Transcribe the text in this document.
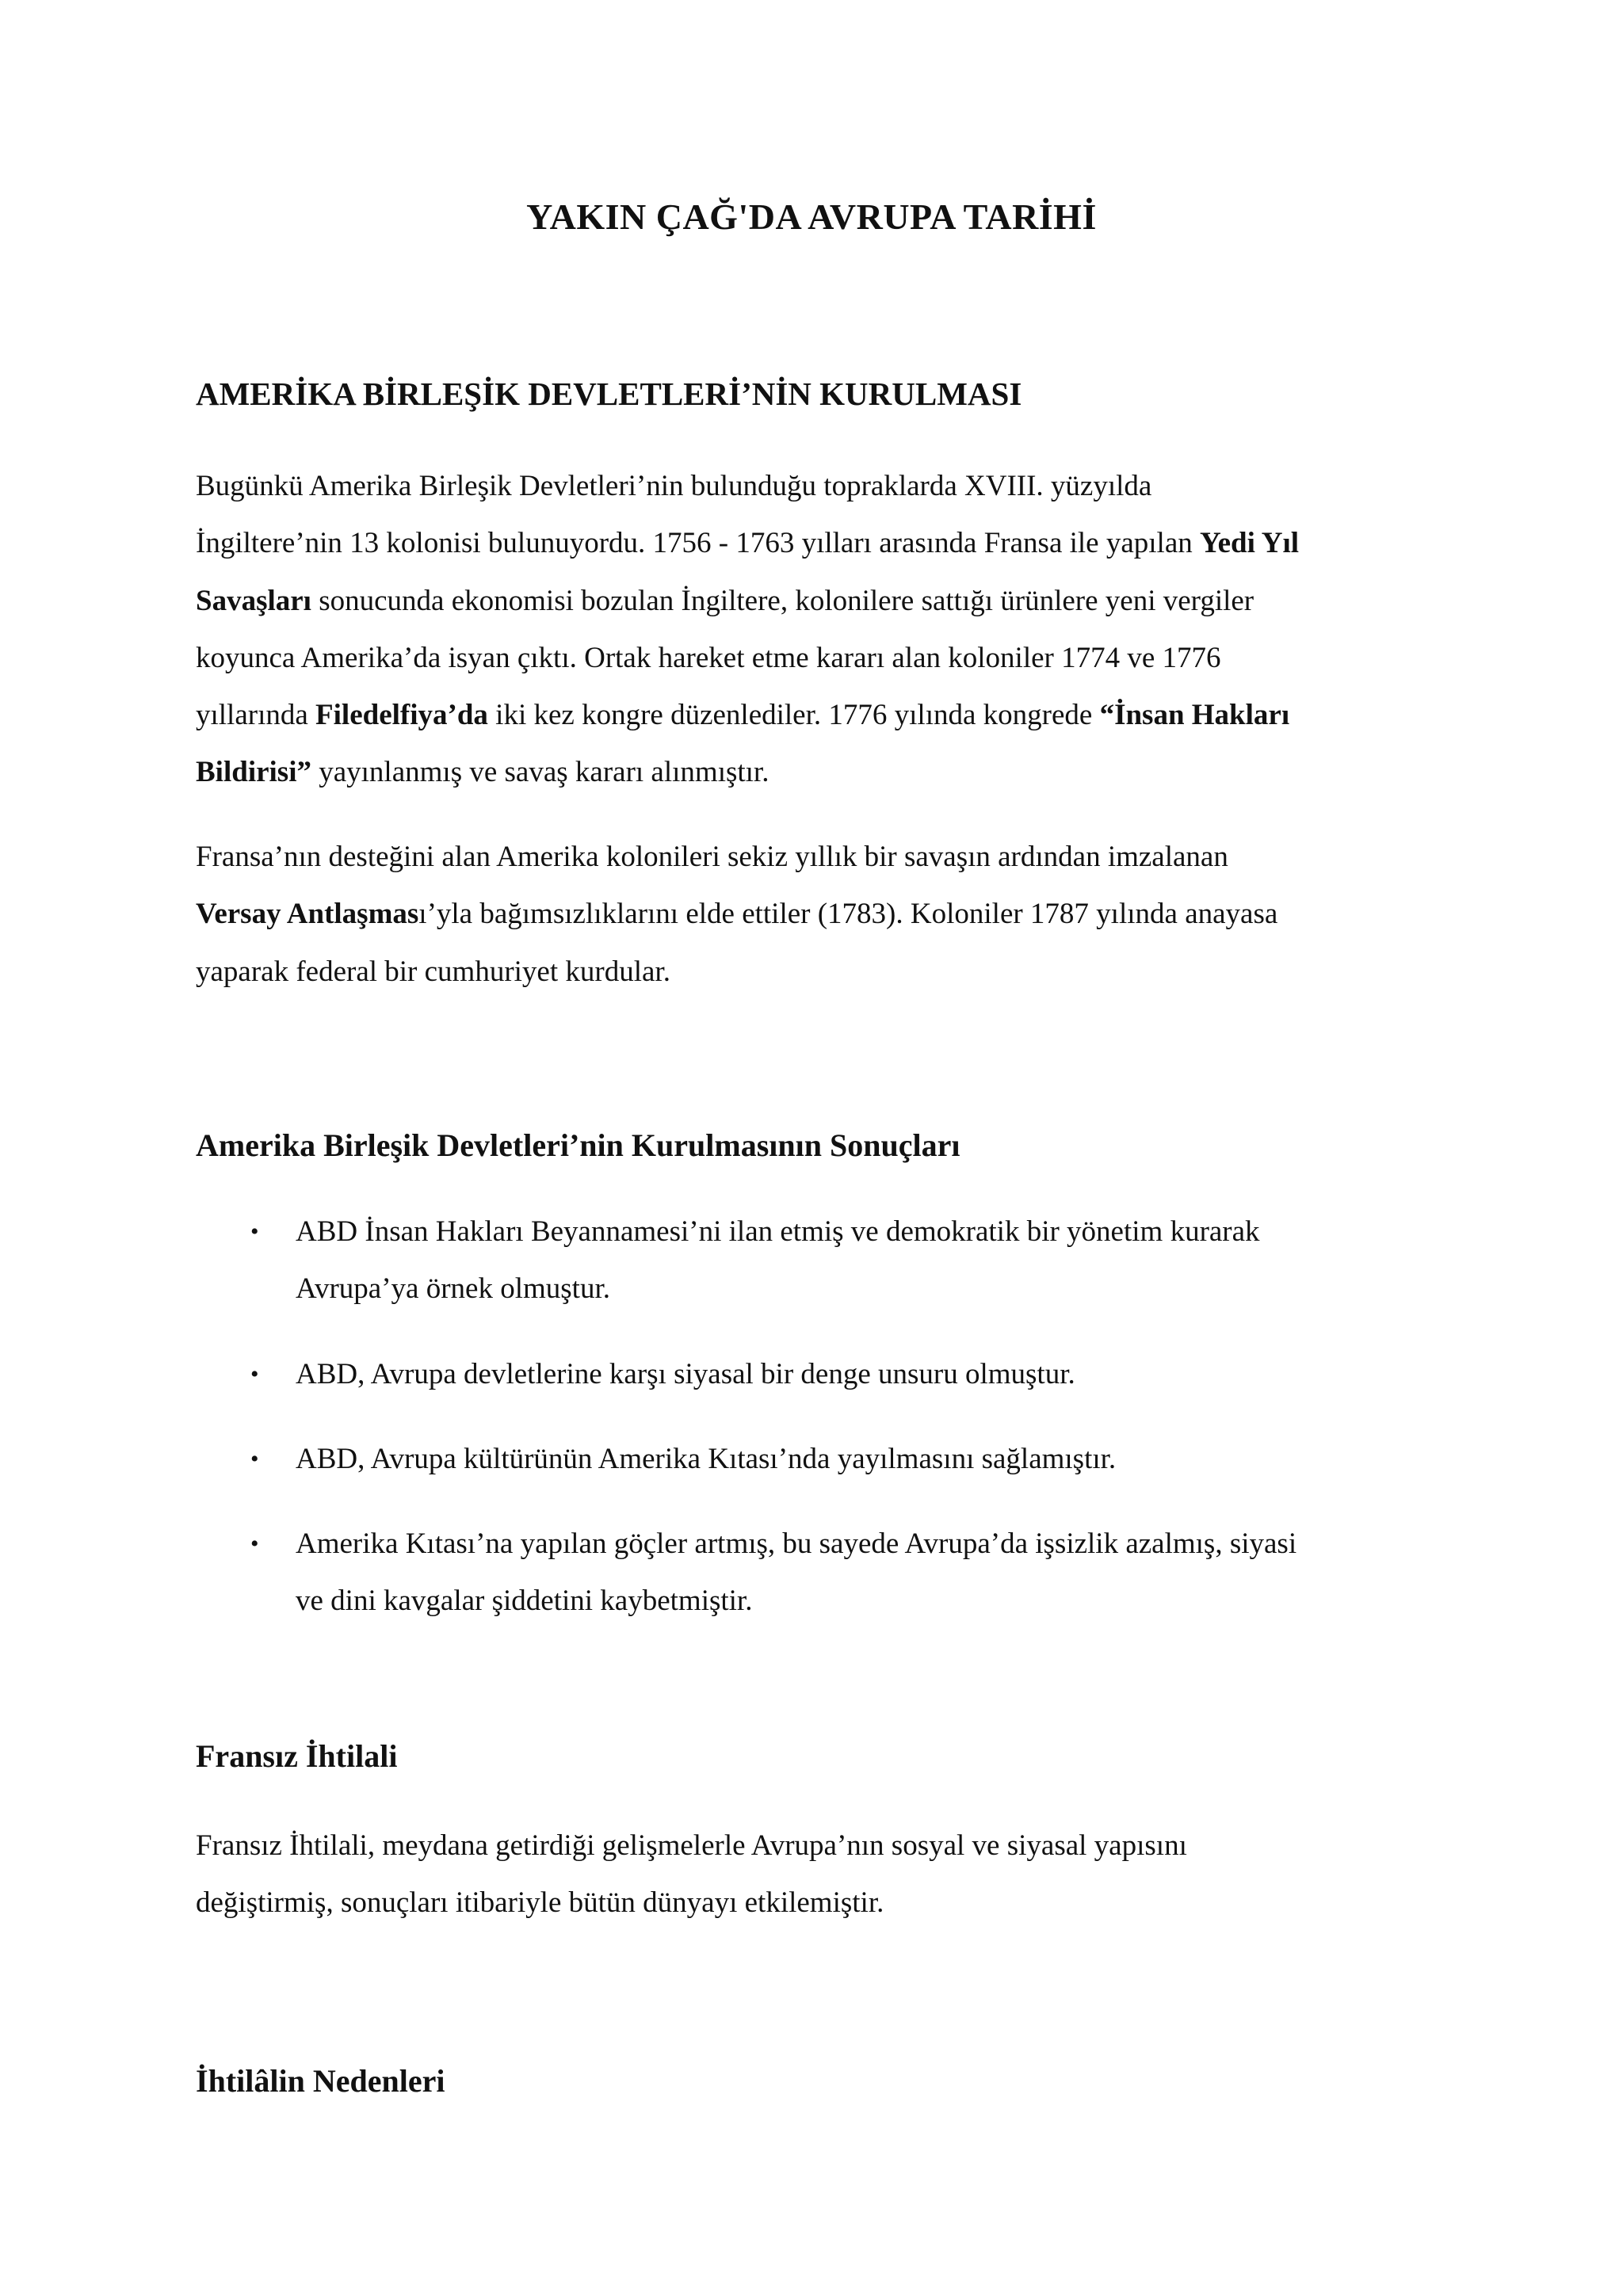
YAKIN ÇAĞ'DA AVRUPA TARİHİ
AMERİKA BİRLEŞİK DEVLETLERİ’NİN KURULMASI

Bugünkü Amerika Birleşik Devletleri’nin bulunduğu topraklarda XVIII. yüzyılda

İngiltere’nin 13 kolonisi bulunuyordu. 1756 - 1763 yılları arasında Fransa ile yapılan Yedi Yıl

Savaşları sonucunda ekonomisi bozulan İngiltere, kolonilere sattığı ürünlere yeni vergiler

koyunca Amerika’da isyan çıktı. Ortak hareket etme kararı alan koloniler 1774 ve 1776

yıllarında Filedelfiya’da iki kez kongre düzenlediler. 1776 yılında kongrede “İnsan Hakları

Bildirisi” yayınlanmış ve savaş kararı alınmıştır.

Fransa’nın desteğini alan Amerika kolonileri sekiz yıllık bir savaşın ardından imzalanan

Versay Antlaşması’yla bağımsızlıklarını elde ettiler (1783). Koloniler 1787 yılında anayasa

yaparak federal bir cumhuriyet kurdular.

Amerika Birleşik Devletleri’nin Kurulmasının Sonuçları
• ABD İnsan Hakları Beyannamesi’ni ilan etmiş ve demokratik bir yönetim kurarak
Avrupa’ya örnek olmuştur.
• ABD, Avrupa devletlerine karşı siyasal bir denge unsuru olmuştur.
• ABD, Avrupa kültürünün Amerika Kıtası’nda yayılmasını sağlamıştır.
• Amerika Kıtası’na yapılan göçler artmış, bu sayede Avrupa’da işsizlik azalmış, siyasi
ve dini kavgalar şiddetini kaybetmiştir.
Fransız İhtilali

Fransız İhtilali, meydana getirdiği gelişmelerle Avrupa’nın sosyal ve siyasal yapısını

değiştirmiş, sonuçları itibariyle bütün dünyayı etkilemiştir.

İhtilâlin Nedenleri
